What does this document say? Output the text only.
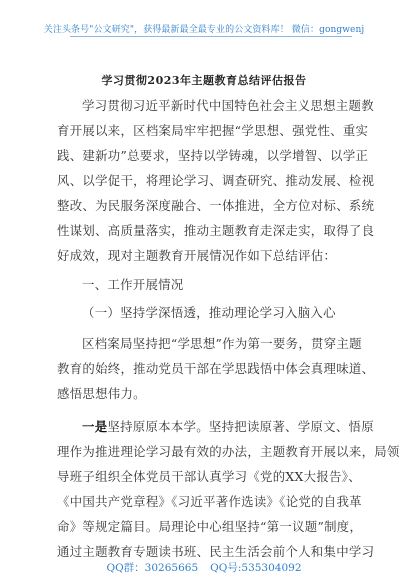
关注头条号"公文研究"，获得最新最全最专业的公文资料库！ 微信：gongwenj
学习贯彻2023年主题教育总结评估报告
学习贯彻习近平新时代中国特色社会主义思想主题教
育开展以来，区档案局牢牢把握“学思想、强党性、重实
践、建新功”总要求，坚持以学铸魂，以学增智、以学正
风、以学促干，将理论学习、调查研究、推动发展、检视
整改、为民服务深度融合、一体推进，全方位对标、系统
性谋划、高质量落实，推动主题教育走深走实，取得了良
好成效，现对主题教育开展情况作如下总结评估：
一、工作开展情况
（一）坚持学深悟透，推动理论学习入脑入心
区档案局坚持把“学思想”作为第一要务，贯穿主题
教育的始终，推动党员干部在学思践悟中体会真理味道、
感悟思想伟力。
一是坚持原原本本学。坚持把读原著、学原文、悟原
理作为推进理论学习最有效的办法，主题教育开展以来，局领
导班子组织全体党员干部认真学习《党的XX大报告》、
《中国共产党章程》《习近平著作选读》《论党的自我革
命》等规定篇目。局理论中心组坚持“第一议题”制度，
通过主题教育专题读书班、民主生活会前个人和集中学习
QQ群：30265665 QQ号:535304092
